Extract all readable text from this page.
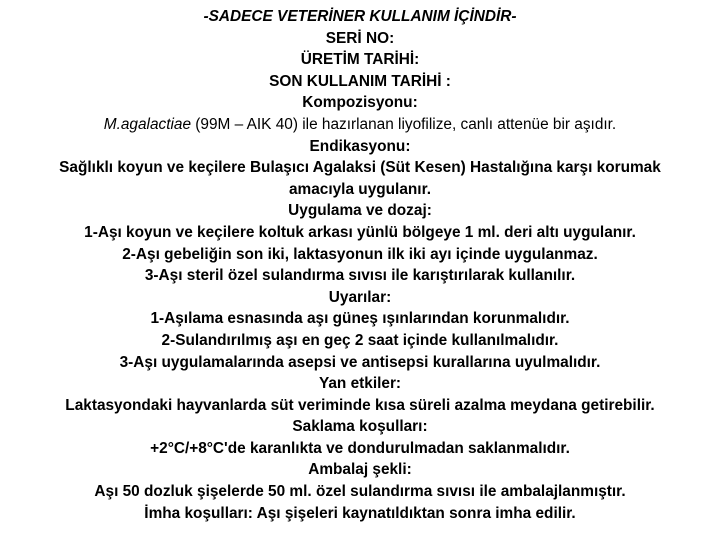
-SADECE VETERİNER KULLANIM İÇİNDİR-
SERİ NO:
ÜRETİM TARİHİ:
SON KULLANIM TARİHİ :
Kompozisyonu:
M.agalactiae (99M – AIK 40) ile hazırlanan liyofilize, canlı attenüe bir aşıdır.
Endikasyonu:
Sağlıklı koyun ve keçilere Bulaşıcı Agalaksi (Süt Kesen) Hastalığına karşı korumak
amacıyla uygulanır.
Uygulama ve dozaj:
1-Aşı koyun ve keçilere koltuk arkası yünlü bölgeye 1 ml. deri altı uygulanır.
2-Aşı gebeliğin son iki, laktasyonun ilk iki ayı içinde uygulanmaz.
3-Aşı steril özel sulandırma sıvısı ile karıştırılarak kullanılır.
Uyarılar:
1-Aşılama esnasında aşı güneş ışınlarından korunmalıdır.
2-Sulandırılmış aşı en geç 2 saat içinde kullanılmalıdır.
3-Aşı uygulamalarında asepsi ve antisepsi kurallarına uyulmalıdır.
Yan etkiler:
Laktasyondaki hayvanlarda süt veriminde kısa süreli azalma meydana getirebilir.
Saklama koşulları:
+2°C/+8°C'de karanlıkta ve dondurulmadan saklanmalıdır.
Ambalaj şekli:
Aşı 50 dozluk şişelerde 50 ml. özel sulandırma sıvısı ile ambalajlanmıştır.
İmha koşulları: Aşı şişeleri kaynatıldıktan sonra imha edilir.
